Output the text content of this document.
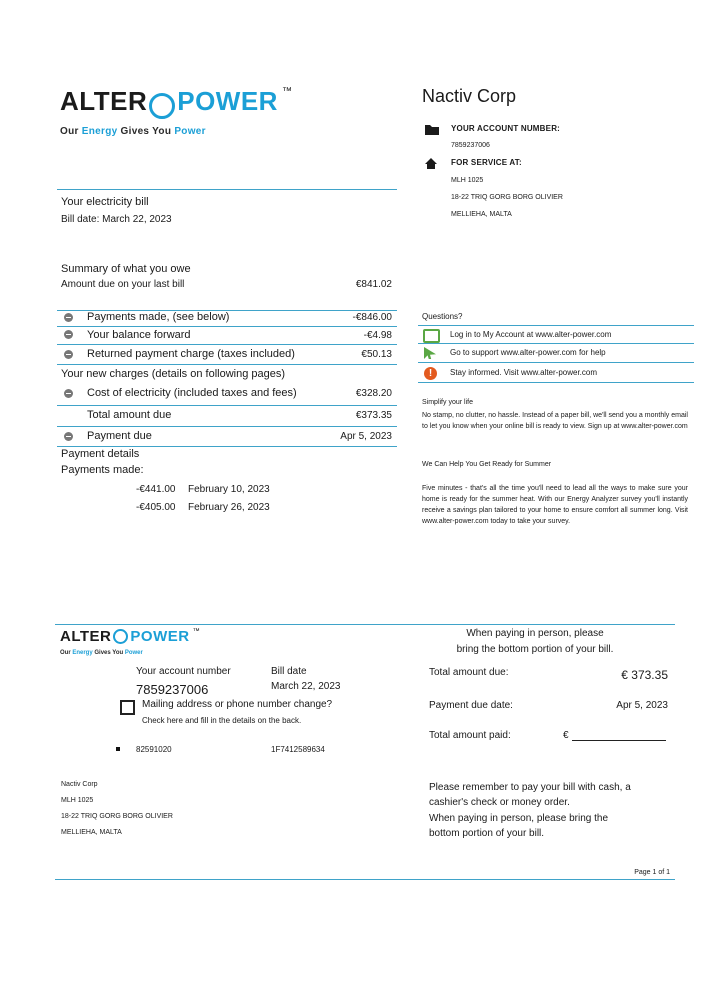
ALTER POWER ™
Our Energy Gives You Power
Nactiv Corp
YOUR ACCOUNT NUMBER:
7859237006
FOR SERVICE AT:
MLH 1025
18-22 TRIQ GORG BORG OLIVIER
MELLIEHA, MALTA
Your electricity bill
Bill date: March 22, 2023
Summary of what you owe
Amount due on your last bill	€841.02
Payments made, (see below)	-€846.00
Your balance forward	-€4.98
Returned payment charge (taxes included)	€50.13
Your new charges (details on following pages)
Cost of electricity (included taxes and fees)	€328.20
Total amount due	€373.35
Payment due	Apr 5, 2023
Payment details
Payments made:
-€441.00 February 10, 2023
-€405.00 February 26, 2023
Questions?
Log in to My Account at www.alter-power.com
Go to support www.alter-power.com for help
!	Stay informed. Visit www.alter-power.com
Simplify your life
No stamp, no clutter, no hassle. Instead of a paper bill, we'll send you a monthly email to let you know when your online bill is ready to view. Sign up at www.alter-power.com
We Can Help You Get Ready for Summer
Five minutes - that's all the time you'll need to lead all the ways to make sure your home is ready for the summer heat. With our Energy Analyzer survey you'll instantly receive a savings plan tailored to your home to ensure comfort all summer long. Visit www.alter-power.com today to take your survey.
ALTER POWER ™
Our Energy Gives You Power
Your account number
7859237006
Bill date
March 22, 2023
Mailing address or phone number change?
Check here and fill in the details on the back.
82591020	1F7412589634
Nactiv Corp
MLH 1025
18-22 TRIQ GORG BORG OLIVIER
MELLIEHA, MALTA
When paying in person, please
bring the bottom portion of your bill.
Total amount due:	€ 373.35
Payment due date:	Apr 5, 2023
Total amount paid:	€
Please remember to pay your bill with cash, a
cashier's check or money order.
When paying in person, please bring the
bottom portion of your bill.
Page 1 of 1
